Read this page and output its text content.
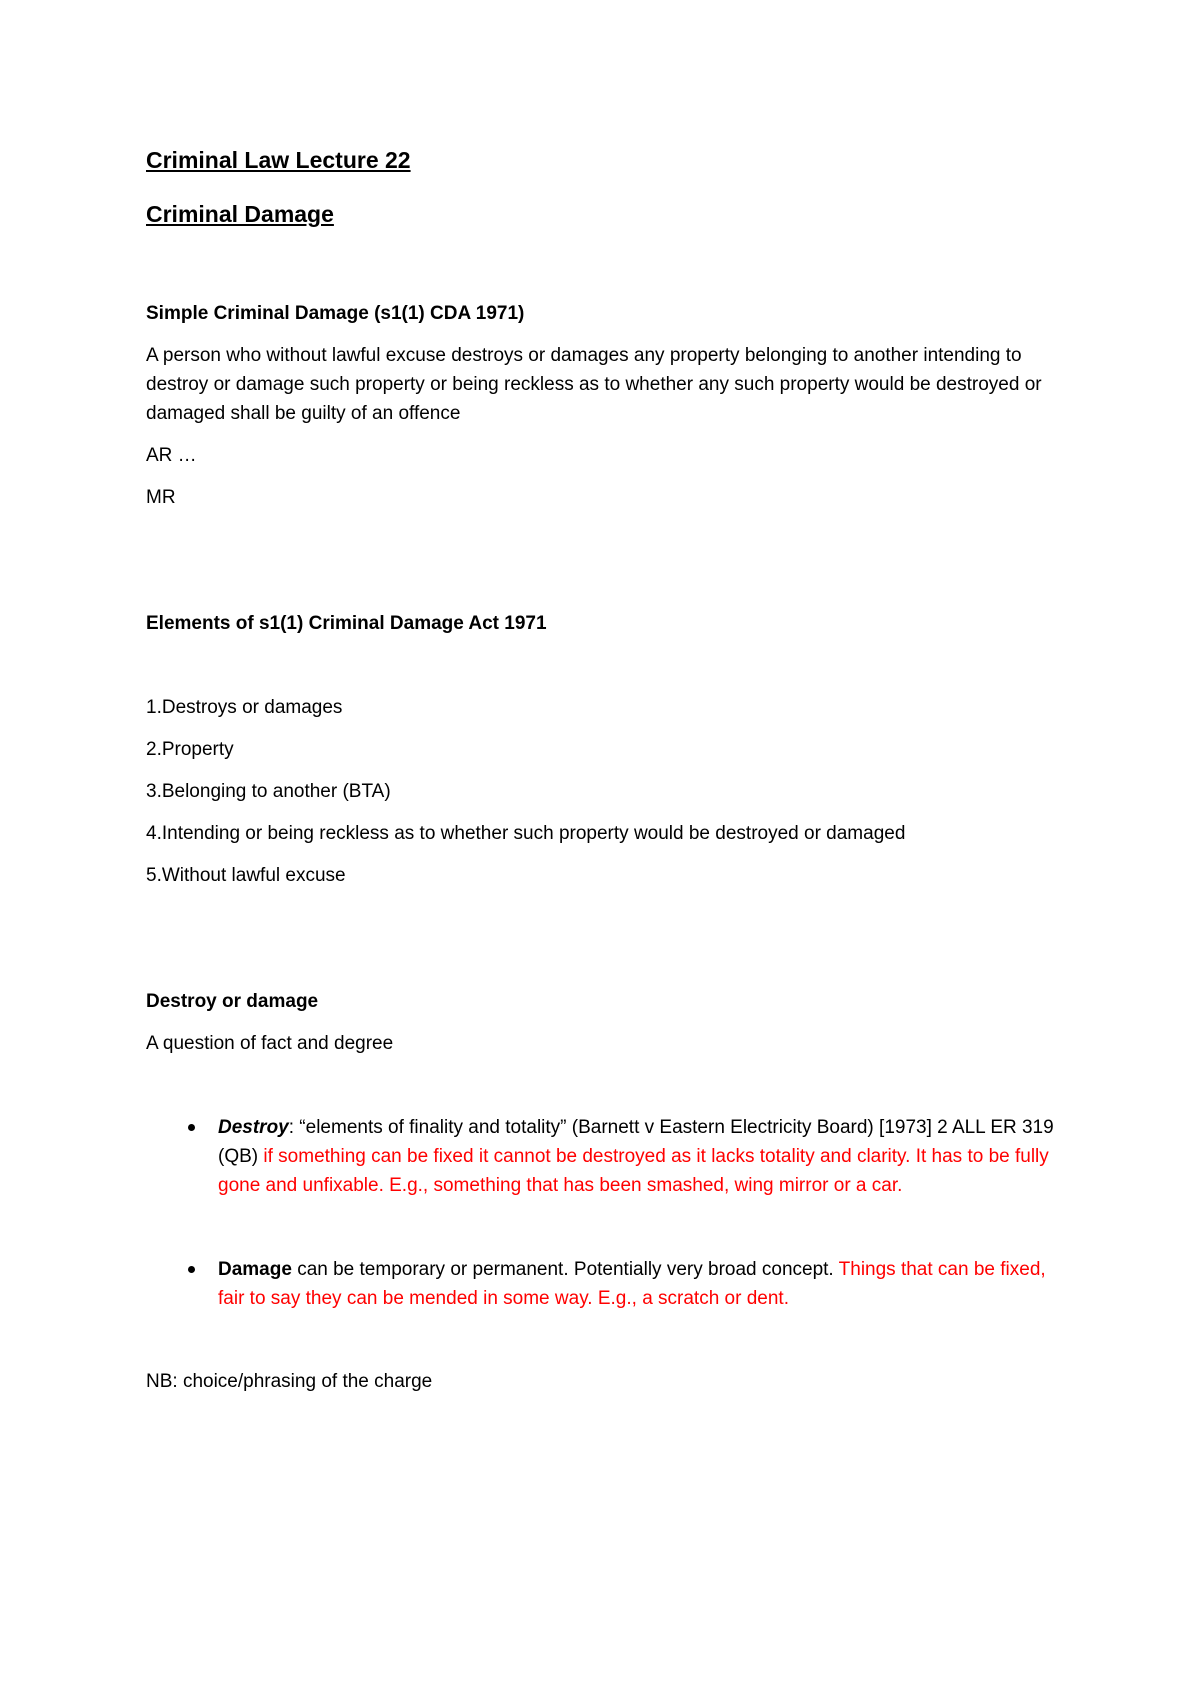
Criminal Law Lecture 22

Criminal Damage

Simple Criminal Damage (s1(1) CDA 1971)

A person who without lawful excuse destroys or damages any property belonging to another intending to destroy or damage such property or being reckless as to whether any such property would be destroyed or damaged shall be guilty of an offence

AR …

MR

Elements of s1(1) Criminal Damage Act 1971

1.Destroys or damages

2.Property

3.Belonging to another (BTA)

4.Intending or being reckless as to whether such property would be destroyed or damaged

5.Without lawful excuse

Destroy or damage

A question of fact and degree

Destroy: “elements of finality and totality” (Barnett v Eastern Electricity Board) [1973] 2 ALL ER 319 (QB) if something can be fixed it cannot be destroyed as it lacks totality and clarity. It has to be fully gone and unfixable. E.g., something that has been smashed, wing mirror or a car.
Damage can be temporary or permanent. Potentially very broad concept. Things that can be fixed, fair to say they can be mended in some way. E.g., a scratch or dent.

NB: choice/phrasing of the charge
